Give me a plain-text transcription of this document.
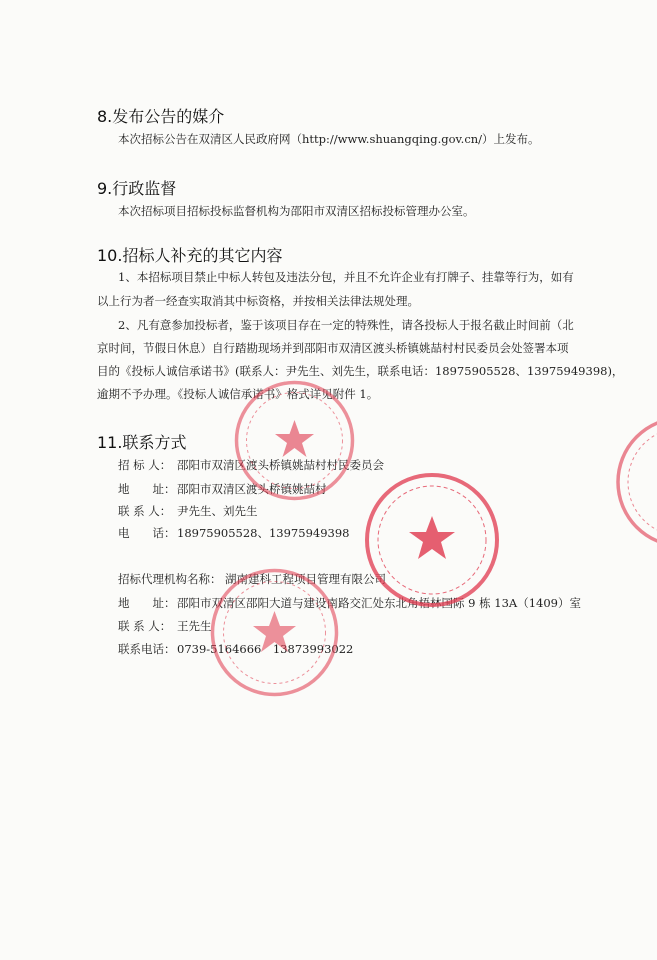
8.发布公告的媒介
本次招标公告在双清区人民政府网（http://www.shuangqing.gov.cn/）上发布。
9.行政监督
本次招标项目招标投标监督机构为邵阳市双清区招标投标管理办公室。
10.招标人补充的其它内容
1、本招标项目禁止中标人转包及违法分包，并且不允许企业有打牌子、挂靠等行为，如有
以上行为者一经查实取消其中标资格，并按相关法律法规处理。
2、凡有意参加投标者，鉴于该项目存在一定的特殊性，请各投标人于报名截止时间前（北
京时间，节假日休息）自行踏勘现场并到邵阳市双清区渡头桥镇姚喆村村民委员会处签署本项
目的《投标人诚信承诺书》(联系人：尹先生、刘先生，联系电话：18975905528、13975949398)，
逾期不予办理。《投标人诚信承诺书》格式详见附件 1。
11.联系方式
招 标 人： 邵阳市双清区渡头桥镇姚喆村村民委员会
地　　址： 邵阳市双清区渡头桥镇姚喆村
联 系 人： 尹先生、刘先生
电　　话： 18975905528、13975949398
招标代理机构名称： 湖南建科工程项目管理有限公司
地　　址： 邵阳市双清区邵阳大道与建设南路交汇处东北角梧林国际 9 栋 13A（1409）室
联 系 人： 王先生
联系电话： 0739-5164666　13873993022
